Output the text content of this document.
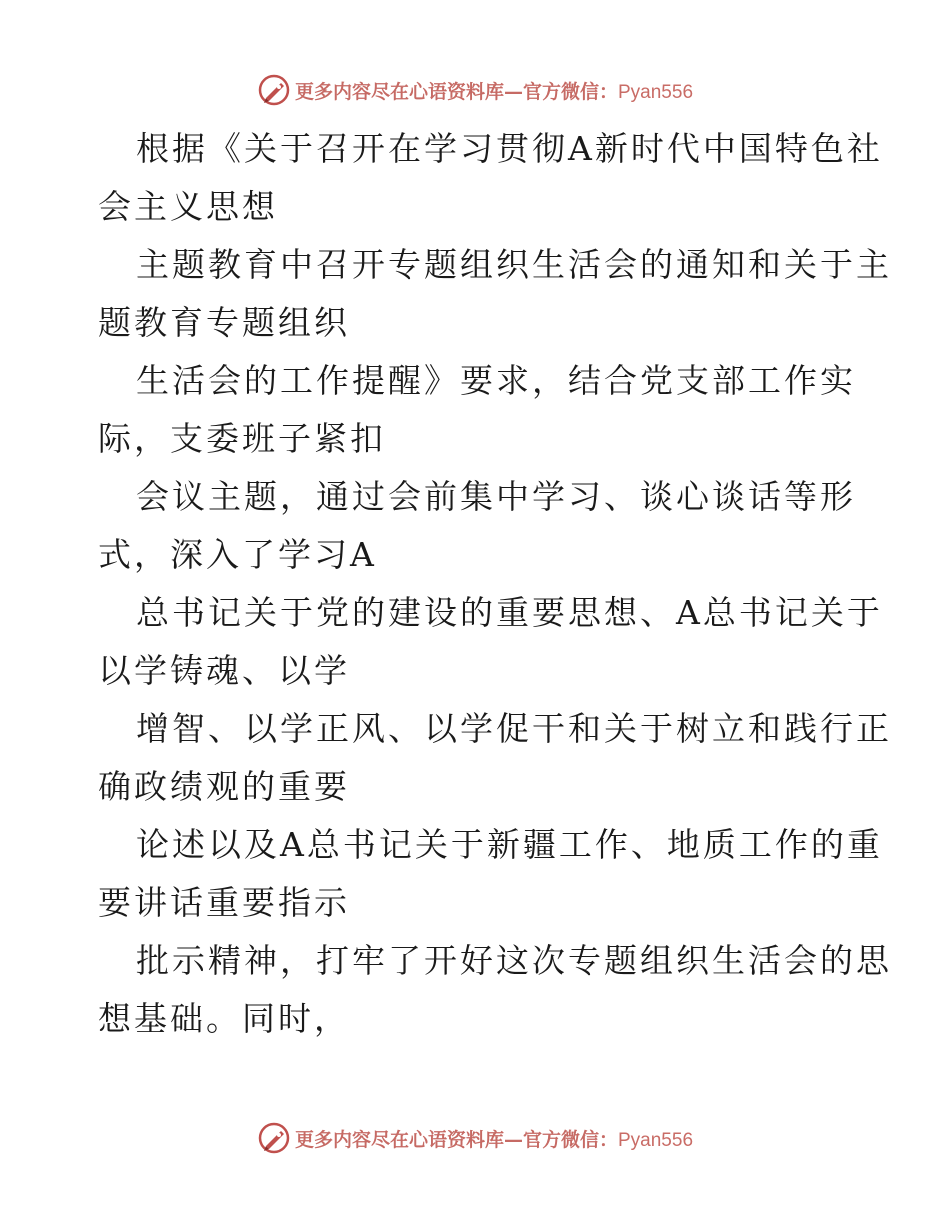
更多内容尽在心语资料库—官方微信：Pyan556
根据《关于召开在学习贯彻A新时代中国特色社
会主义思想
主题教育中召开专题组织生活会的通知和关于主
题教育专题组织
生活会的工作提醒》要求，结合党支部工作实
际，支委班子紧扣
会议主题，通过会前集中学习、谈心谈话等形
式，深入了学习A
总书记关于党的建设的重要思想、A总书记关于
以学铸魂、以学
增智、以学正风、以学促干和关于树立和践行正
确政绩观的重要
论述以及A总书记关于新疆工作、地质工作的重
要讲话重要指示
批示精神，打牢了开好这次专题组织生活会的思
想基础。同时，
更多内容尽在心语资料库—官方微信：Pyan556
